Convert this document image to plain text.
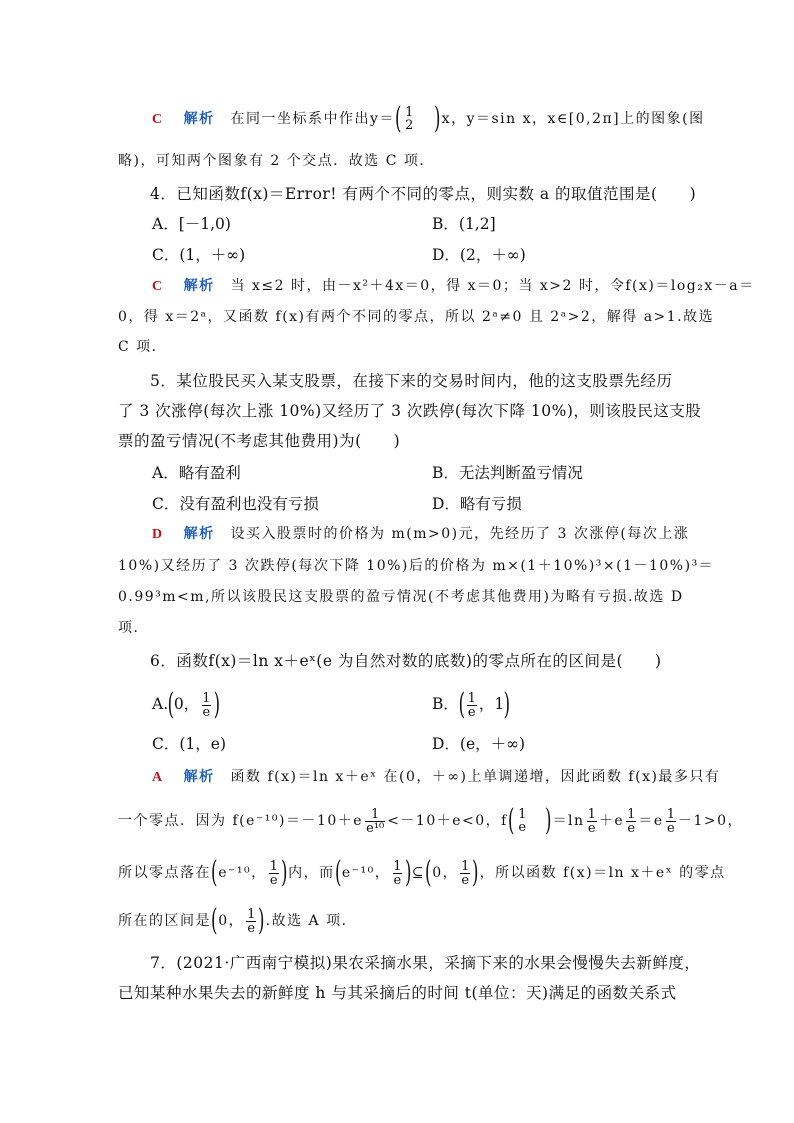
C 解析 在同一坐标系中作出y＝( 1
2 )x，y＝sin x，x∈[0,2π]上的图象(图
略)，可知两个图象有 2 个交点．故选 C 项．
4．已知函数f(x)＝Error! 有两个不同的零点，则实数 a 的取值范围是(　　)
A．[－1,0)	B．(1,2]
C．(1，＋∞)	D．(2，＋∞)
C 解析 当 x≤2 时，由－x²＋4x＝0，得 x＝0；当 x>2 时，令f(x)＝log₂x－a＝
0，得 x＝2ᵃ，又函数 f(x)有两个不同的零点，所以 2ᵃ≠0 且 2ᵃ>2，解得 a>1.故选
C 项．
5．某位股民买入某支股票，在接下来的交易时间内，他的这支股票先经历
了 3 次涨停(每次上涨 10%)又经历了 3 次跌停(每次下降 10%)，则该股民这支股
票的盈亏情况(不考虑其他费用)为(　　)
A．略有盈利	B．无法判断盈亏情况
C．没有盈利也没有亏损	D．略有亏损
D 解析 设买入股票时的价格为 m(m>0)元，先经历了 3 次涨停(每次上涨
10%)又经历了 3 次跌停(每次下降 10%)后的价格为 m×(1＋10%)³×(1－10%)³＝
0.99³m<m,所以该股民这支股票的盈亏情况(不考虑其他费用)为略有亏损.故选 D
项．
6．函数f(x)＝ln x＋eˣ(e 为自然对数的底数)的零点所在的区间是(　　)
A.(0， $\frac{1}{e}$ )	B．( $\frac{1}{e}$ ，1)
C．(1，e)	D．(e，＋∞)
A 解析 函数 f(x)＝ln x＋eˣ 在(0，＋∞)上单调递增，因此函数 f(x)最多只有
一个零点．因为 $f(e^{-10})=-10+e \frac{1}{\text{e¹⁰}} <-10+e<0$，f( 1
e )$=\ln \frac{1}{e} +e \frac{1}{e} =e \frac{1}{e} -1>0$，
所以零点落在(e⁻¹⁰， $\frac{1}{e}$ )内，而(e⁻¹⁰， $\frac{1}{e}$ )⊆(0， $\frac{1}{e}$ )，所以函数 f(x)＝ln x＋eˣ 的零点
所在的区间是(0， $\frac{1}{e}$ ).故选 A 项．
7．(2021·广西南宁模拟)果农采摘水果，采摘下来的水果会慢慢失去新鲜度，
已知某种水果失去的新鲜度 h 与其采摘后的时间 t(单位：天)满足的函数关系式
